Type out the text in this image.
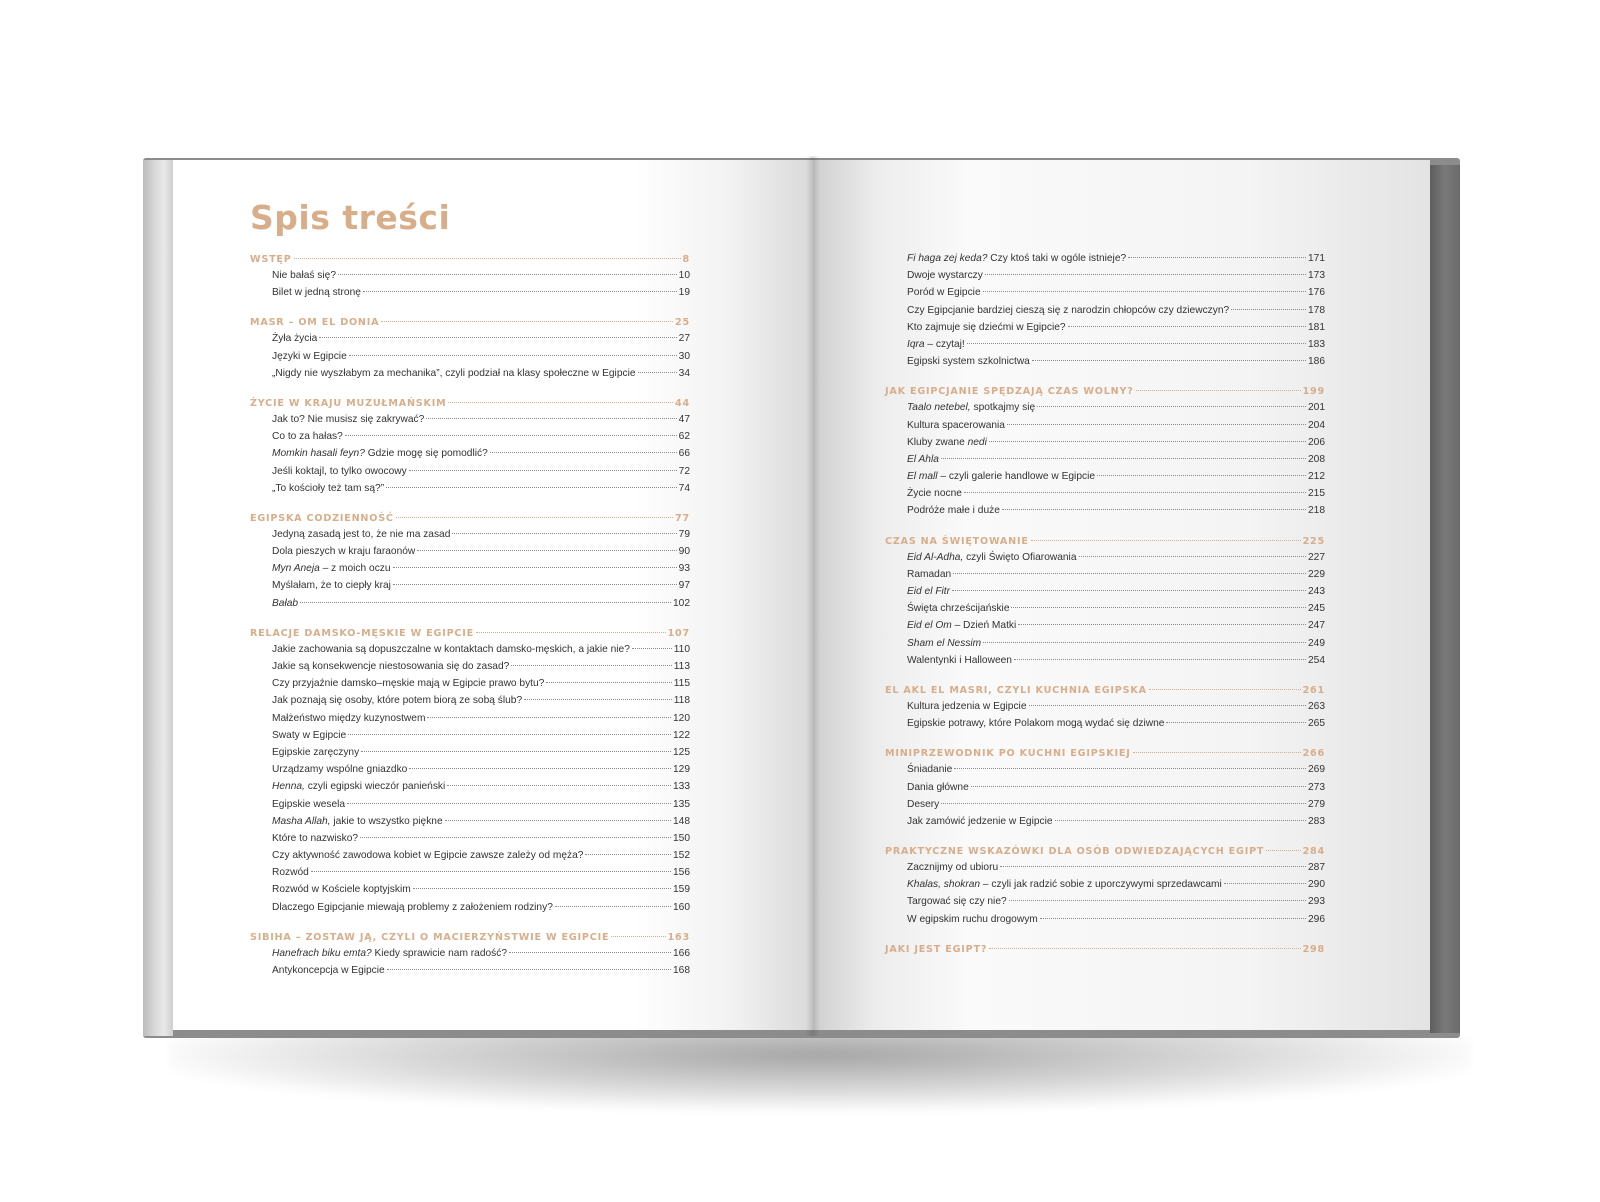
Spis treści
WSTĘP	8
Nie bałaś się?	10
Bilet w jedną stronę	19
MASR – OM EL DONIA	25
Żyła życia	27
Języki w Egipcie	30
„Nigdy nie wyszłabym za mechanika”, czyli podział na klasy społeczne w Egipcie	34
ŻYCIE W KRAJU MUZUŁMAŃSKIM	44
Jak to? Nie musisz się zakrywać?	47
Co to za hałas?	62
Momkin hasali feyn? Gdzie mogę się pomodlić?	66
Jeśli koktajl, to tylko owocowy	72
„To kościoły też tam są?”	74
EGIPSKA CODZIENNOŚĆ	77
Jedyną zasadą jest to, że nie ma zasad	79
Dola pieszych w kraju faraonów	90
Myn Aneja – z moich oczu	93
Myślałam, że to ciepły kraj	97
Bałab	102
RELACJE DAMSKO-MĘSKIE W EGIPCIE	107
Jakie zachowania są dopuszczalne w kontaktach damsko-męskich, a jakie nie?	110
Jakie są konsekwencje niestosowania się do zasad?	113
Czy przyjaźnie damsko–męskie mają w Egipcie prawo bytu?	115
Jak poznają się osoby, które potem biorą ze sobą ślub?	118
Małżeństwo między kuzynostwem	120
Swaty w Egipcie	122
Egipskie zaręczyny	125
Urządzamy wspólne gniazdko	129
Henna, czyli egipski wieczór panieński	133
Egipskie wesela	135
Masha Allah, jakie to wszystko piękne	148
Które to nazwisko?	150
Czy aktywność zawodowa kobiet w Egipcie zawsze zależy od męża?	152
Rozwód	156
Rozwód w Kościele koptyjskim	159
Dlaczego Egipcjanie miewają problemy z założeniem rodziny?	160
SIBIHA – ZOSTAW JĄ, CZYLI O MACIERZYŃSTWIE W EGIPCIE	163
Hanefrach biku emta? Kiedy sprawicie nam radość?	166
Antykoncepcja w Egipcie	168
Fi haga zej keda? Czy ktoś taki w ogóle istnieje?	171
Dwoje wystarczy	173
Poród w Egipcie	176
Czy Egipcjanie bardziej cieszą się z narodzin chłopców czy dziewczyn?	178
Kto zajmuje się dziećmi w Egipcie?	181
Iqra – czytaj!	183
Egipski system szkolnictwa	186
JAK EGIPCJANIE SPĘDZAJĄ CZAS WOLNY?	199
Taalo netebel, spotkajmy się	201
Kultura spacerowania	204
Kluby zwane nedi	206
El Ahla	208
El mall – czyli galerie handlowe w Egipcie	212
Życie nocne	215
Podróże małe i duże	218
CZAS NA ŚWIĘTOWANIE	225
Eid Al-Adha, czyli Święto Ofiarowania	227
Ramadan	229
Eid el Fitr	243
Święta chrześcijańskie	245
Eid el Om – Dzień Matki	247
Sham el Nessim	249
Walentynki i Halloween	254
EL AKL EL MASRI, CZYLI KUCHNIA EGIPSKA	261
Kultura jedzenia w Egipcie	263
Egipskie potrawy, które Polakom mogą wydać się dziwne	265
MINIPRZEWODNIK PO KUCHNI EGIPSKIEJ	266
Śniadanie	269
Dania główne	273
Desery	279
Jak zamówić jedzenie w Egipcie	283
PRAKTYCZNE WSKAZÓWKI DLA OSÓB ODWIEDZAJĄCYCH EGIPT	284
Zacznijmy od ubioru	287
Khalas, shokran – czyli jak radzić sobie z uporczywymi sprzedawcami	290
Targować się czy nie?	293
W egipskim ruchu drogowym	296
JAKI JEST EGIPT?	298
